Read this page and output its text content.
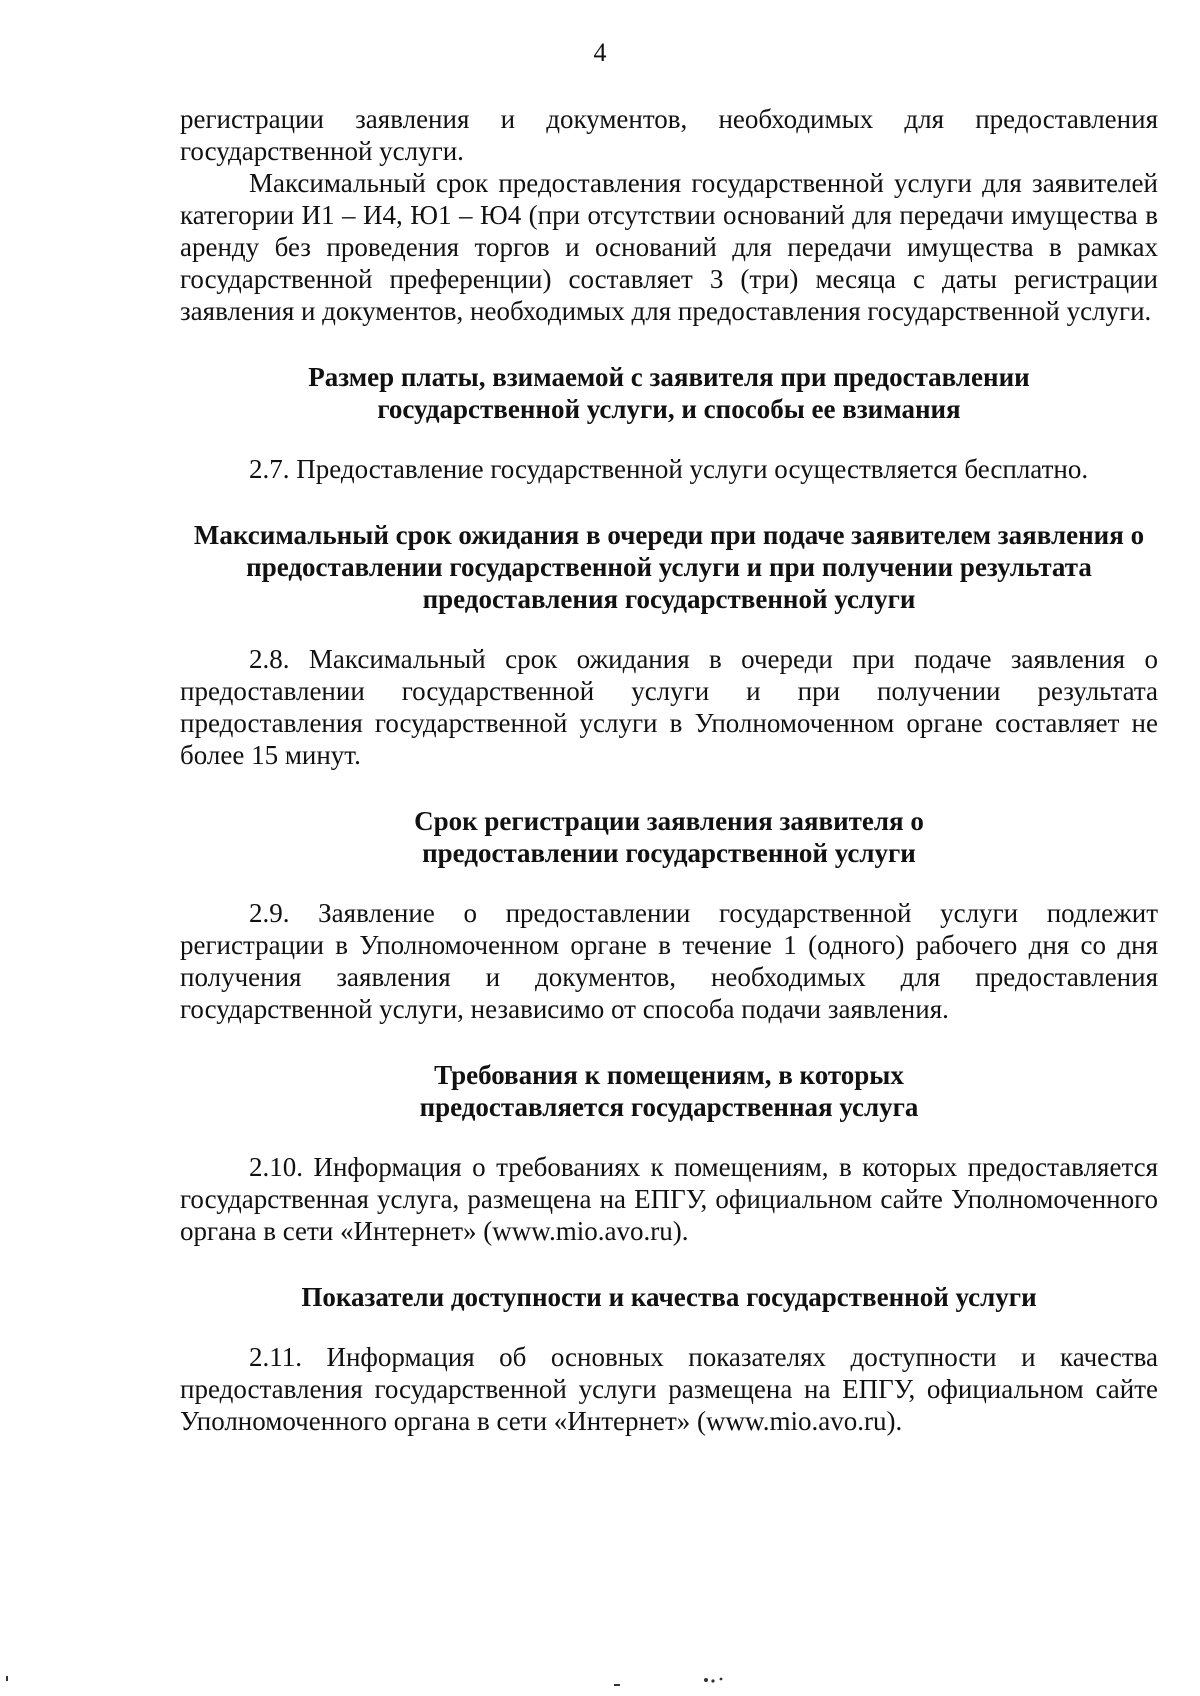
4

регистрации заявления и документов, необходимых для предоставления государственной услуги.

Максимальный срок предоставления государственной услуги для заявителей категории И1 – И4, Ю1 – Ю4 (при отсутствии оснований для передачи имущества в аренду без проведения торгов и оснований для передачи имущества в рамках государственной преференции) составляет 3 (три) месяца с даты регистрации заявления и документов, необходимых для предоставления государственной услуги.

Размер платы, взимаемой с заявителя при предоставлении государственной услуги, и способы ее взимания

2.7. Предоставление государственной услуги осуществляется бесплатно.

Максимальный срок ожидания в очереди при подаче заявителем заявления о предоставлении государственной услуги и при получении результата предоставления государственной услуги

2.8. Максимальный срок ожидания в очереди при подаче заявления о предоставлении государственной услуги и при получении результата предоставления государственной услуги в Уполномоченном органе составляет не более 15 минут.

Срок регистрации заявления заявителя о предоставлении государственной услуги

2.9. Заявление о предоставлении государственной услуги подлежит регистрации в Уполномоченном органе в течение 1 (одного) рабочего дня со дня получения заявления и документов, необходимых для предоставления государственной услуги, независимо от способа подачи заявления.

Требования к помещениям, в которых предоставляется государственная услуга

2.10. Информация о требованиях к помещениям, в которых предоставляется государственная услуга, размещена на ЕПГУ, официальном сайте Уполномоченного органа в сети «Интернет» (www.mio.avo.ru).

Показатели доступности и качества государственной услуги

2.11. Информация об основных показателях доступности и качества предоставления государственной услуги размещена на ЕПГУ, официальном сайте Уполномоченного органа в сети «Интернет» (www.mio.avo.ru).
